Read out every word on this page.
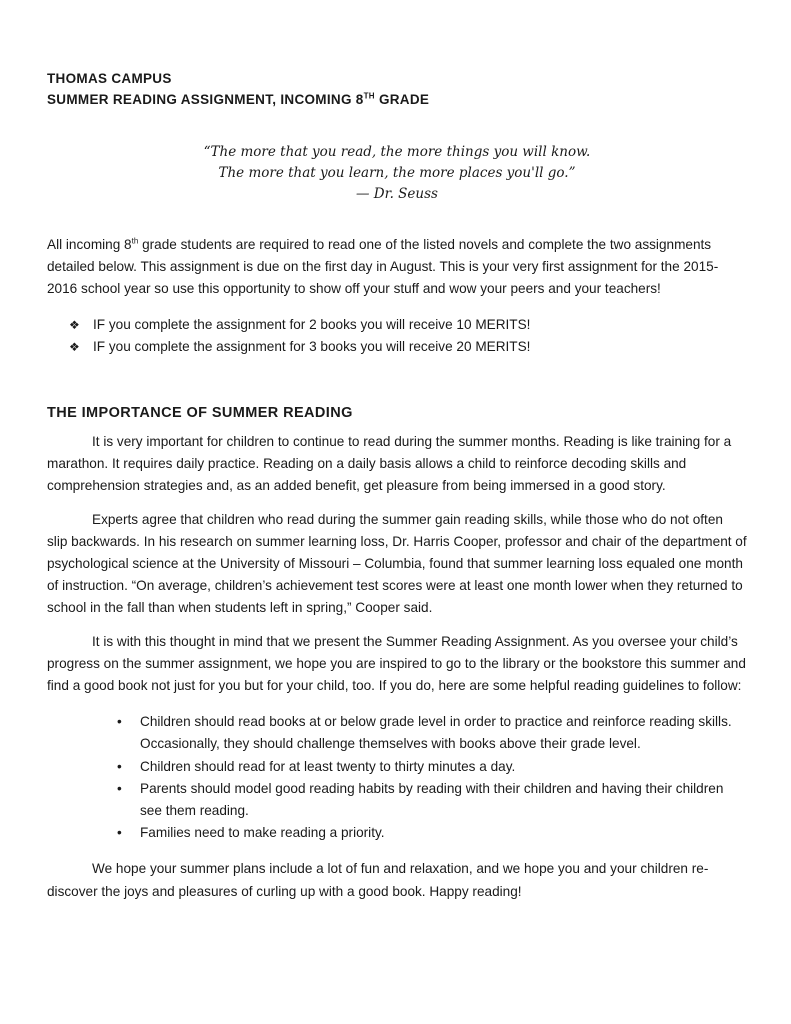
THOMAS CAMPUS
SUMMER READING ASSIGNMENT, INCOMING 8TH GRADE
“The more that you read, the more things you will know.
The more that you learn, the more places you'll go.”
— Dr. Seuss

All incoming 8th grade students are required to read one of the listed novels and complete the two assignments detailed below. This assignment is due on the first day in August. This is your very first assignment for the 2015-2016 school year so use this opportunity to show off your stuff and wow your peers and your teachers!

❖ IF you complete the assignment for 2 books you will receive 10 MERITS!
❖ IF you complete the assignment for 3 books you will receive 20 MERITS!
THE IMPORTANCE OF SUMMER READING

It is very important for children to continue to read during the summer months. Reading is like training for a marathon. It requires daily practice. Reading on a daily basis allows a child to reinforce decoding skills and comprehension strategies and, as an added benefit, get pleasure from being immersed in a good story.

Experts agree that children who read during the summer gain reading skills, while those who do not often slip backwards. In his research on summer learning loss, Dr. Harris Cooper, professor and chair of the department of psychological science at the University of Missouri – Columbia, found that summer learning loss equaled one month of instruction. “On average, children’s achievement test scores were at least one month lower when they returned to school in the fall than when students left in spring,” Cooper said.

It is with this thought in mind that we present the Summer Reading Assignment. As you oversee your child’s progress on the summer assignment, we hope you are inspired to go to the library or the bookstore this summer and find a good book not just for you but for your child, too. If you do, here are some helpful reading guidelines to follow:

• Children should read books at or below grade level in order to practice and reinforce reading skills. Occasionally, they should challenge themselves with books above their grade level.
• Children should read for at least twenty to thirty minutes a day.
• Parents should model good reading habits by reading with their children and having their children see them reading.
• Families need to make reading a priority.

We hope your summer plans include a lot of fun and relaxation, and we hope you and your children re-discover the joys and pleasures of curling up with a good book. Happy reading!
